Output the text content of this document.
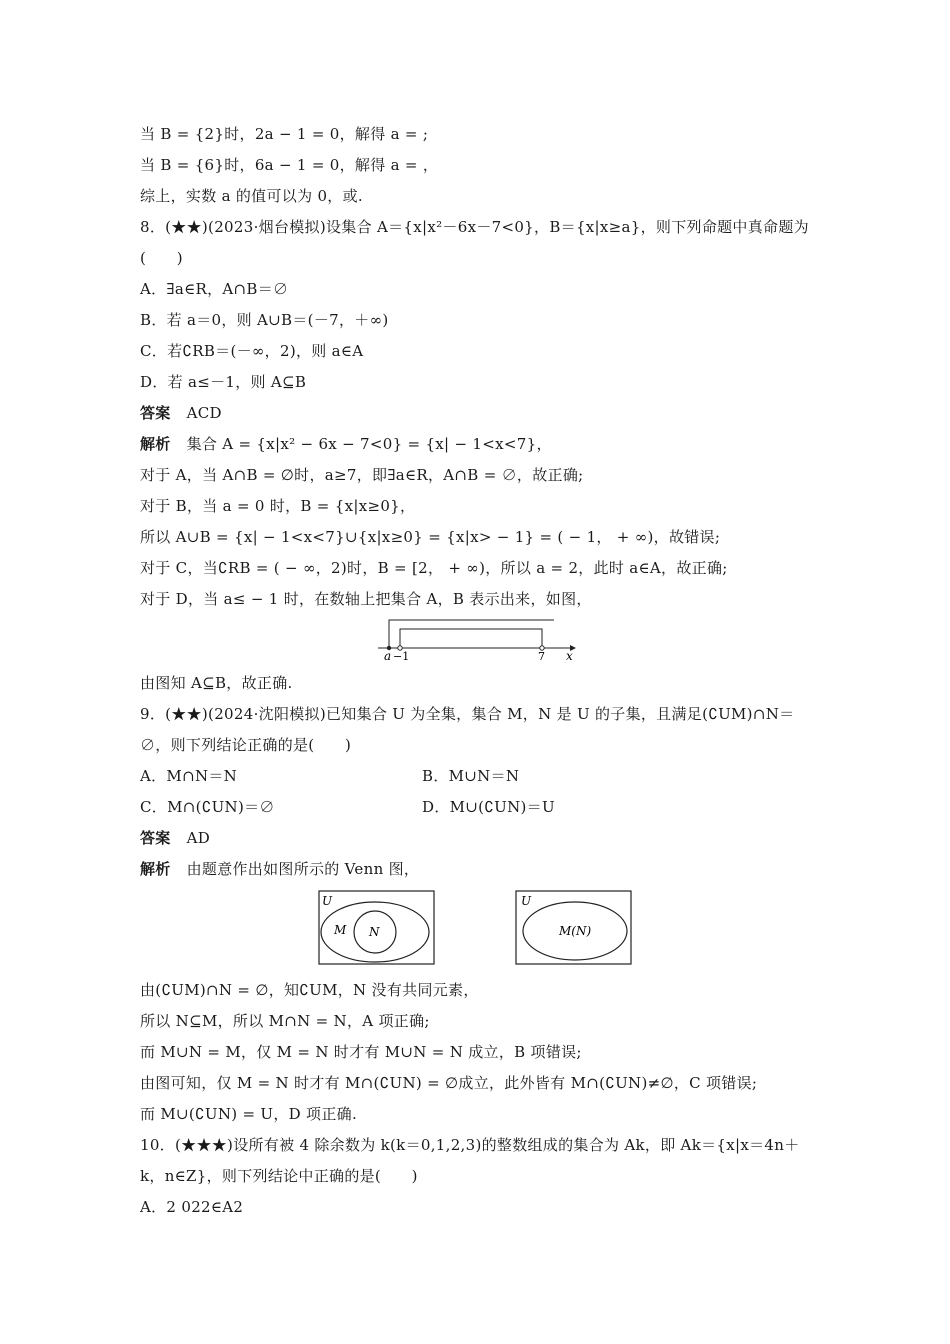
当 B = {2}时，2a − 1 = 0，解得 a = ;
当 B = {6}时，6a − 1 = 0，解得 a = ，
综上，实数 a 的值可以为 0，或.
8．(★★)(2023·烟台模拟)设集合 A＝{x|x²－6x－7<0}，B＝{x|x≥a}，则下列命题中真命题为
(　　)
A．∃a∈R，A∩B＝∅
B．若 a＝0，则 A∪B＝(－7，＋∞)
C．若∁RB＝(－∞，2)，则 a∈A
D．若 a≤－1，则 A⊆B
答案 ACD
解析 集合 A = {x|x² − 6x − 7<0} = {x| − 1<x<7}，
对于 A，当 A∩B = ∅时，a≥7，即∃a∈R，A∩B = ∅，故正确;
对于 B，当 a = 0 时，B = {x|x≥0}，
所以 A∪B = {x| − 1<x<7}∪{x|x≥0} = {x|x> − 1} = ( − 1， + ∞)，故错误;
对于 C，当∁RB = ( − ∞，2)时，B = [2， + ∞)，所以 a = 2，此时 a∈A，故正确;
对于 D，当 a≤ − 1 时，在数轴上把集合 A，B 表示出来，如图，
a −1	7 x
由图知 A⊆B，故正确.
9．(★★)(2024·沈阳模拟)已知集合 U 为全集，集合 M，N 是 U 的子集，且满足(∁UM)∩N＝
∅，则下列结论正确的是(　　)
A．M∩N＝N	B．M∪N＝N
C．M∩(∁UN)＝∅	D．M∪(∁UN)＝U
答案 AD
解析 由题意作出如图所示的 Venn 图，
U
M N
U
M(N)
由(∁UM)∩N = ∅，知∁UM，N 没有共同元素，
所以 N⊆M，所以 M∩N = N，A 项正确;
而 M∪N = M，仅 M = N 时才有 M∪N = N 成立，B 项错误;
由图可知，仅 M = N 时才有 M∩(∁UN) = ∅成立，此外皆有 M∩(∁UN)≠∅，C 项错误;
而 M∪(∁UN) = U，D 项正确.
10．(★★★)设所有被 4 除余数为 k(k＝0,1,2,3)的整数组成的集合为 Ak，即 Ak＝{x|x＝4n＋
k，n∈Z}，则下列结论中正确的是(　　)
A．2 022∈A2
